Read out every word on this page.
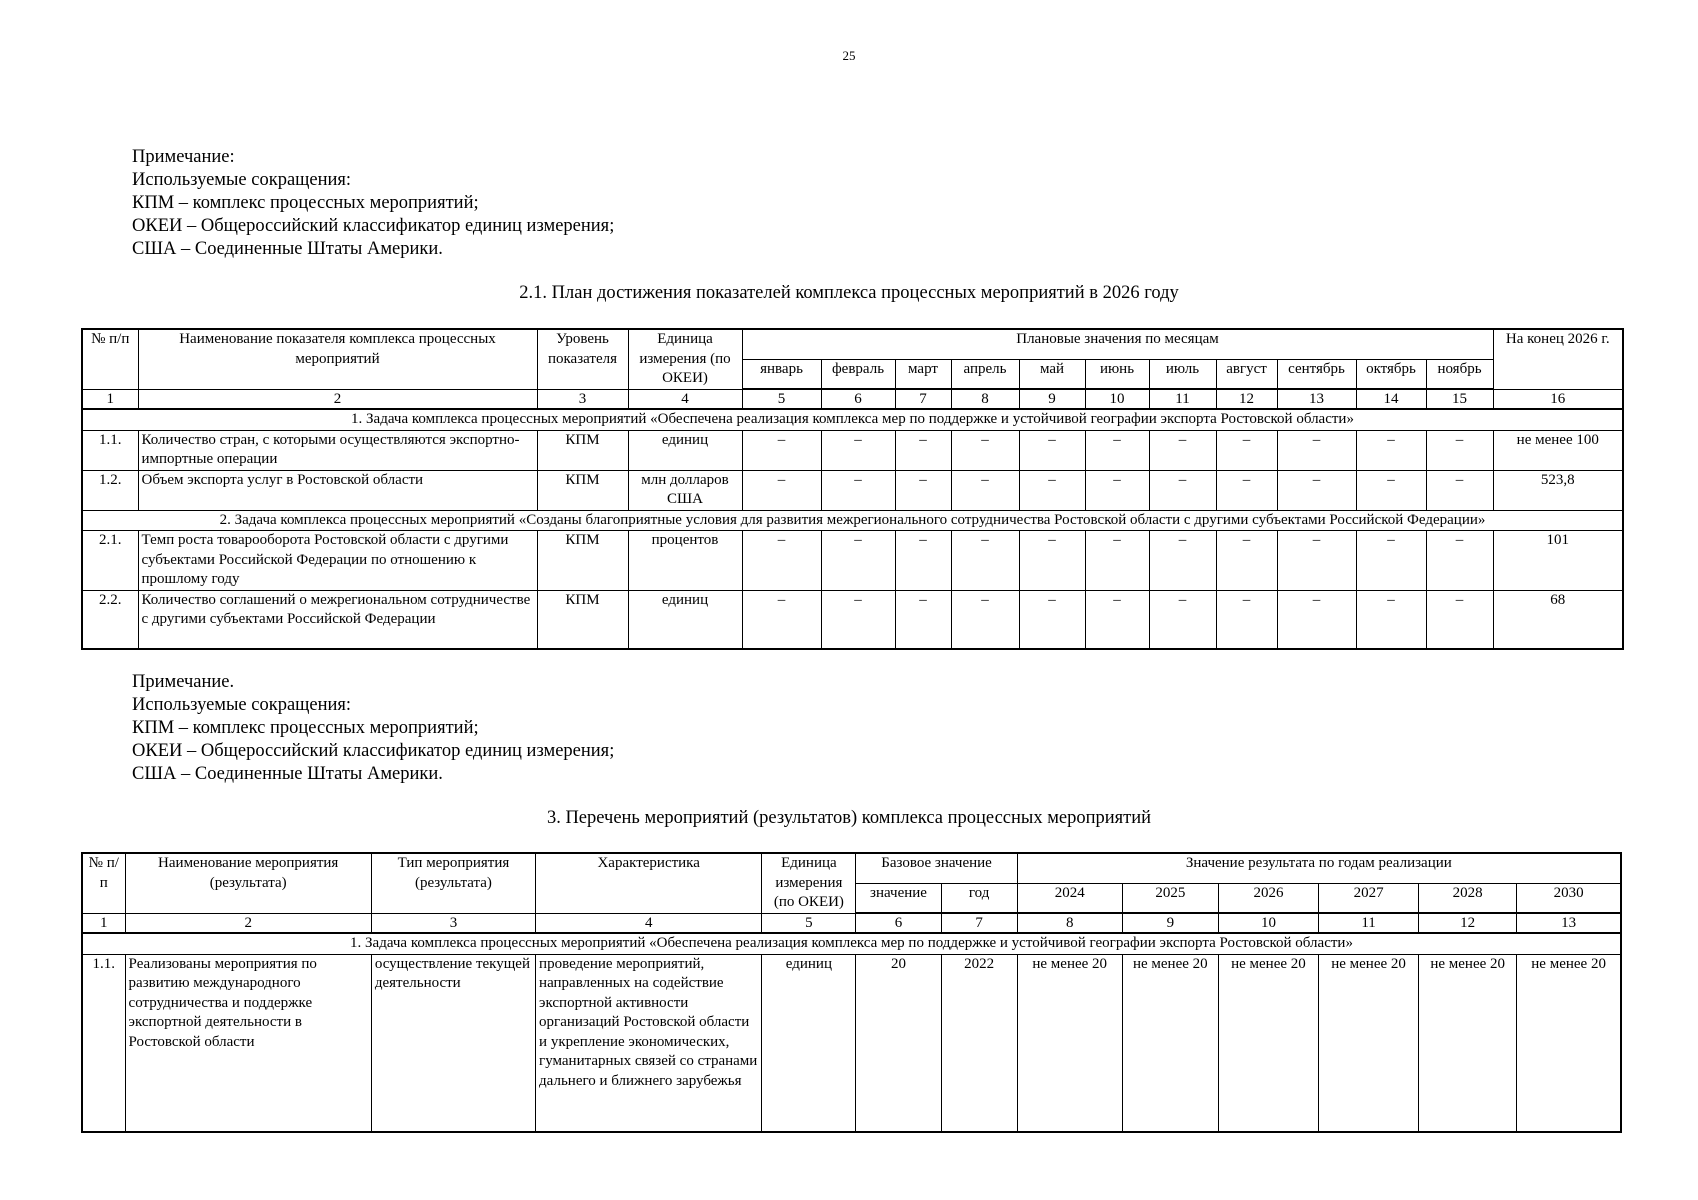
25
Примечание:
Используемые сокращения:
КПМ – комплекс процессных мероприятий;
ОКЕИ – Общероссийский классификатор единиц измерения;
США – Соединенные Штаты Америки.
2.1. План достижения показателей комплекса процессных мероприятий в 2026 году
№ п/п	Наименование показателя комплекса процессных мероприятий	Уровень показателя	Единица измерения (по ОКЕИ)	Плановые значения по месяцам											На конец 2026 г.
				январь	февраль	март	апрель	май	июнь	июль	август	сентябрь	октябрь	ноябрь	
1	2	3	4	5	6	7	8	9	10	11	12	13	14	15	16
1. Задача комплекса процессных мероприятий «Обеспечена реализация комплекса мер по поддержке и устойчивой географии экспорта Ростовской области»															
1.1.	Количество стран, с которыми осуществляются экспортно-импортные операции	КПМ	единиц	–	–	–	–	–	–	–	–	–	–	–	не менее 100
1.2.	Объем экспорта услуг в Ростовской области	КПМ	млн долларов США	–	–	–	–	–	–	–	–	–	–	–	523,8
2. Задача комплекса процессных мероприятий «Созданы благоприятные условия для развития межрегионального сотрудничества Ростовской области с другими субъектами Российской Федерации»															
2.1.	Темп роста товарооборота Ростовской области с другими субъектами Российской Федерации по отношению к прошлому году	КПМ	процентов	–	–	–	–	–	–	–	–	–	–	–	101
2.2.	Количество соглашений о межрегиональном сотрудничестве с другими субъектами Российской Федерации	КПМ	единиц	–	–	–	–	–	–	–	–	–	–	–	68
Примечание.
Используемые сокращения:
КПМ – комплекс процессных мероприятий;
ОКЕИ – Общероссийский классификатор единиц измерения;
США – Соединенные Штаты Америки.
3. Перечень мероприятий (результатов) комплекса процессных мероприятий
№ п/п	Наименование мероприятия (результата)	Тип мероприятия (результата)	Характеристика	Единица измерения (по ОКЕИ)	Базовое значение		Значение результата по годам реализации					
					значение	год	2024	2025	2026	2027	2028	2030
1	2	3	4	5	6	7	8	9	10	11	12	13
1. Задача комплекса процессных мероприятий «Обеспечена реализация комплекса мер по поддержке и устойчивой географии экспорта Ростовской области»												
1.1.	Реализованы мероприятия по развитию международного сотрудничества и поддержке экспортной деятельности в Ростовской области	осуществление текущей деятельности	проведение мероприятий, направленных на содействие экспортной активности организаций Ростовской области и укрепление экономических, гуманитарных связей со странами дальнего и ближнего зарубежья	единиц	20	2022	не менее 20	не менее 20	не менее 20	не менее 20	не менее 20	не менее 20
